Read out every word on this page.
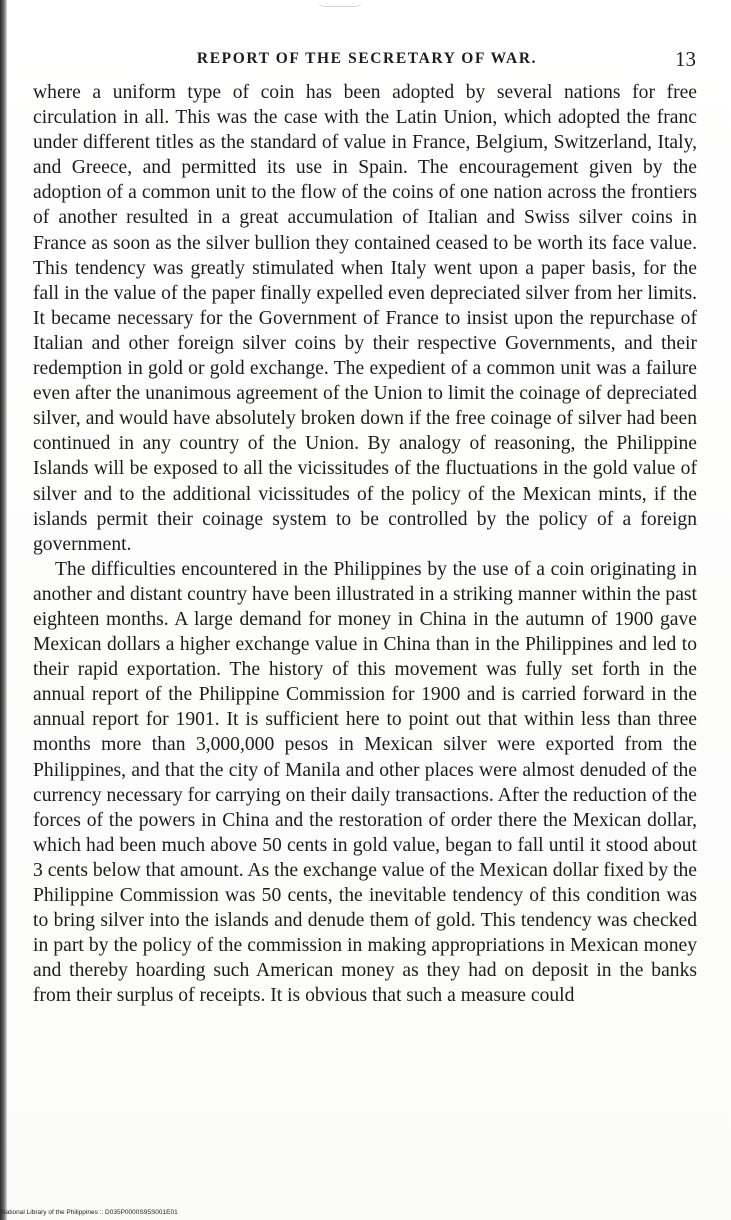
REPORT OF THE SECRETARY OF WAR.	13

where a uniform type of coin has been adopted by several nations for free circulation in all. This was the case with the Latin Union, which adopted the franc under different titles as the standard of value in France, Belgium, Switzerland, Italy, and Greece, and permitted its use in Spain. The encouragement given by the adoption of a common unit to the flow of the coins of one nation across the frontiers of another resulted in a great accumulation of Italian and Swiss silver coins in France as soon as the silver bullion they contained ceased to be worth its face value. This tendency was greatly stimulated when Italy went upon a paper basis, for the fall in the value of the paper finally expelled even depreciated silver from her limits. It became necessary for the Government of France to insist upon the repurchase of Italian and other foreign silver coins by their respective Governments, and their redemption in gold or gold exchange. The expedient of a common unit was a failure even after the unanimous agreement of the Union to limit the coinage of depreciated silver, and would have absolutely broken down if the free coinage of silver had been continued in any country of the Union. By analogy of reasoning, the Philippine Islands will be exposed to all the vicissitudes of the fluctuations in the gold value of silver and to the additional vicissitudes of the policy of the Mexican mints, if the islands permit their coinage system to be controlled by the policy of a foreign government.

The difficulties encountered in the Philippines by the use of a coin originating in another and distant country have been illustrated in a striking manner within the past eighteen months. A large demand for money in China in the autumn of 1900 gave Mexican dollars a higher exchange value in China than in the Philippines and led to their rapid exportation. The history of this movement was fully set forth in the annual report of the Philippine Commission for 1900 and is carried forward in the annual report for 1901. It is sufficient here to point out that within less than three months more than 3,000,000 pesos in Mexican silver were exported from the Philippines, and that the city of Manila and other places were almost denuded of the currency necessary for carrying on their daily transactions. After the reduction of the forces of the powers in China and the restoration of order there the Mexican dollar, which had been much above 50 cents in gold value, began to fall until it stood about 3 cents below that amount. As the exchange value of the Mexican dollar fixed by the Philippine Commission was 50 cents, the inevitable tendency of this condition was to bring silver into the islands and denude them of gold. This tendency was checked in part by the policy of the commission in making appropriations in Mexican money and thereby hoarding such American money as they had on deposit in the banks from their surplus of receipts. It is obvious that such a measure could

National Library of the Philippines :: D035P0000S95S001E01
